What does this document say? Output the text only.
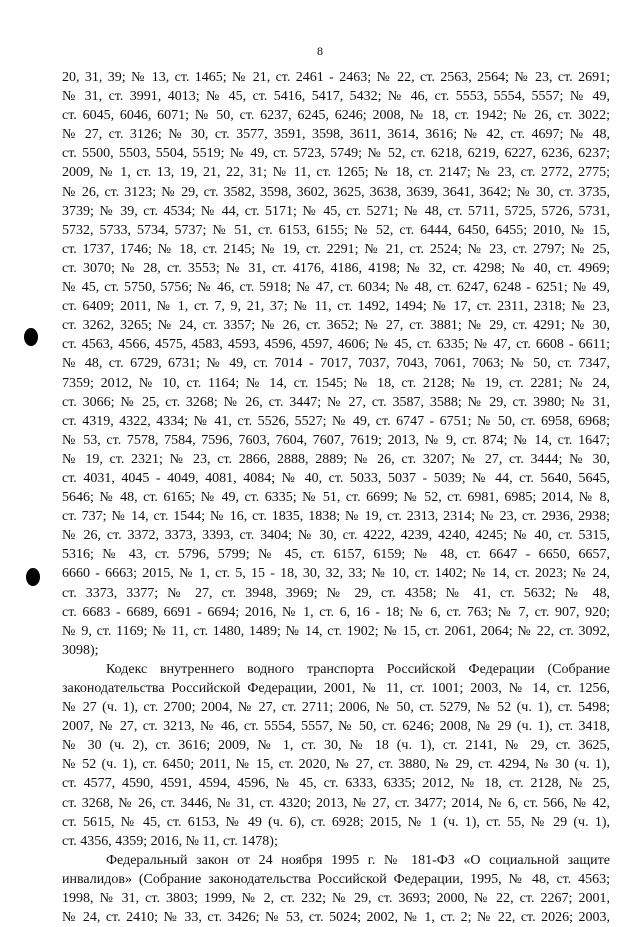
8
20, 31, 39; № 13, ст. 1465; № 21, ст. 2461 - 2463; № 22, ст. 2563, 2564; № 23, ст. 2691;
№ 31, ст. 3991, 4013; № 45, ст. 5416, 5417, 5432; № 46, ст. 5553, 5554, 5557; № 49,
ст. 6045, 6046, 6071; № 50, ст. 6237, 6245, 6246; 2008, № 18, ст. 1942; № 26, ст. 3022;
№ 27, ст. 3126; № 30, ст. 3577, 3591, 3598, 3611, 3614, 3616; № 42, ст. 4697; № 48,
ст. 5500, 5503, 5504, 5519; № 49, ст. 5723, 5749; № 52, ст. 6218, 6219, 6227, 6236, 6237;
2009, № 1, ст. 13, 19, 21, 22, 31; № 11, ст. 1265; № 18, ст. 2147; № 23, ст. 2772, 2775;
№ 26, ст. 3123; № 29, ст. 3582, 3598, 3602, 3625, 3638, 3639, 3641, 3642; № 30, ст. 3735,
3739; № 39, ст. 4534; № 44, ст. 5171; № 45, ст. 5271; № 48, ст. 5711, 5725, 5726, 5731,
5732, 5733, 5734, 5737; № 51, ст. 6153, 6155; № 52, ст. 6444, 6450, 6455; 2010, № 15,
ст. 1737, 1746; № 18, ст. 2145; № 19, ст. 2291; № 21, ст. 2524; № 23, ст. 2797; № 25,
ст. 3070; № 28, ст. 3553; № 31, ст. 4176, 4186, 4198; № 32, ст. 4298; № 40, ст. 4969;
№ 45, ст. 5750, 5756; № 46, ст. 5918; № 47, ст. 6034; № 48, ст. 6247, 6248 - 6251; № 49,
ст. 6409; 2011, № 1, ст. 7, 9, 21, 37; № 11, ст. 1492, 1494; № 17, ст. 2311, 2318; № 23,
ст. 3262, 3265; № 24, ст. 3357; № 26, ст. 3652; № 27, ст. 3881; № 29, ст. 4291; № 30,
ст. 4563, 4566, 4575, 4583, 4593, 4596, 4597, 4606; № 45, ст. 6335; № 47, ст. 6608 - 6611;
№ 48, ст. 6729, 6731; № 49, ст. 7014 - 7017, 7037, 7043, 7061, 7063; № 50, ст. 7347,
7359; 2012, № 10, ст. 1164; № 14, ст. 1545; № 18, ст. 2128; № 19, ст. 2281; № 24,
ст. 3066; № 25, ст. 3268; № 26, ст. 3447; № 27, ст. 3587, 3588; № 29, ст. 3980; № 31,
ст. 4319, 4322, 4334; № 41, ст. 5526, 5527; № 49, ст. 6747 - 6751; № 50, ст. 6958, 6968;
№ 53, ст. 7578, 7584, 7596, 7603, 7604, 7607, 7619; 2013, № 9, ст. 874; № 14, ст. 1647;
№ 19, ст. 2321; № 23, ст. 2866, 2888, 2889; № 26, ст. 3207; № 27, ст. 3444; № 30,
ст. 4031, 4045 - 4049, 4081, 4084; № 40, ст. 5033, 5037 - 5039; № 44, ст. 5640, 5645,
5646; № 48, ст. 6165; № 49, ст. 6335; № 51, ст. 6699; № 52, ст. 6981, 6985; 2014, № 8,
ст. 737; № 14, ст. 1544; № 16, ст. 1835, 1838; № 19, ст. 2313, 2314; № 23, ст. 2936, 2938;
№ 26, ст. 3372, 3373, 3393, ст. 3404; № 30, ст. 4222, 4239, 4240, 4245; № 40, ст. 5315,
5316; № 43, ст. 5796, 5799; № 45, ст. 6157, 6159; № 48, ст. 6647 - 6650, 6657,
6660 - 6663; 2015, № 1, ст. 5, 15 - 18, 30, 32, 33; № 10, ст. 1402; № 14, ст. 2023; № 24,
ст. 3373, 3377; № 27, ст. 3948, 3969; № 29, ст. 4358; № 41, ст. 5632; № 48,
ст. 6683 - 6689, 6691 - 6694; 2016, № 1, ст. 6, 16 - 18; № 6, ст. 763; № 7, ст. 907, 920;
№ 9, ст. 1169; № 11, ст. 1480, 1489; № 14, ст. 1902; № 15, ст. 2061, 2064; № 22, ст. 3092,
3098);
Кодекс внутреннего водного транспорта Российской Федерации (Собрание
законодательства Российской Федерации, 2001, № 11, ст. 1001; 2003, № 14, ст. 1256,
№ 27 (ч. 1), ст. 2700; 2004, № 27, ст. 2711; 2006, № 50, ст. 5279, № 52 (ч. 1), ст. 5498;
2007, № 27, ст. 3213, № 46, ст. 5554, 5557, № 50, ст. 6246; 2008, № 29 (ч. 1), ст. 3418,
№ 30 (ч. 2), ст. 3616; 2009, № 1, ст. 30, № 18 (ч. 1), ст. 2141, № 29, ст. 3625,
№ 52 (ч. 1), ст. 6450; 2011, № 15, ст. 2020, № 27, ст. 3880, № 29, ст. 4294, № 30 (ч. 1),
ст. 4577, 4590, 4591, 4594, 4596, № 45, ст. 6333, 6335; 2012, № 18, ст. 2128, № 25,
ст. 3268, № 26, ст. 3446, № 31, ст. 4320; 2013, № 27, ст. 3477; 2014, № 6, ст. 566, № 42,
ст. 5615, № 45, ст. 6153, № 49 (ч. 6), ст. 6928; 2015, № 1 (ч. 1), ст. 55, № 29 (ч. 1),
ст. 4356, 4359; 2016, № 11, ст. 1478);
Федеральный закон от 24 ноября 1995 г. № 181-ФЗ «О социальной защите
инвалидов» (Собрание законодательства Российской Федерации, 1995, № 48, ст. 4563;
1998, № 31, ст. 3803; 1999, № 2, ст. 232; № 29, ст. 3693; 2000, № 22, ст. 2267; 2001,
№ 24, ст. 2410; № 33, ст. 3426; № 53, ст. 5024; 2002, № 1, ст. 2; № 22, ст. 2026; 2003,
